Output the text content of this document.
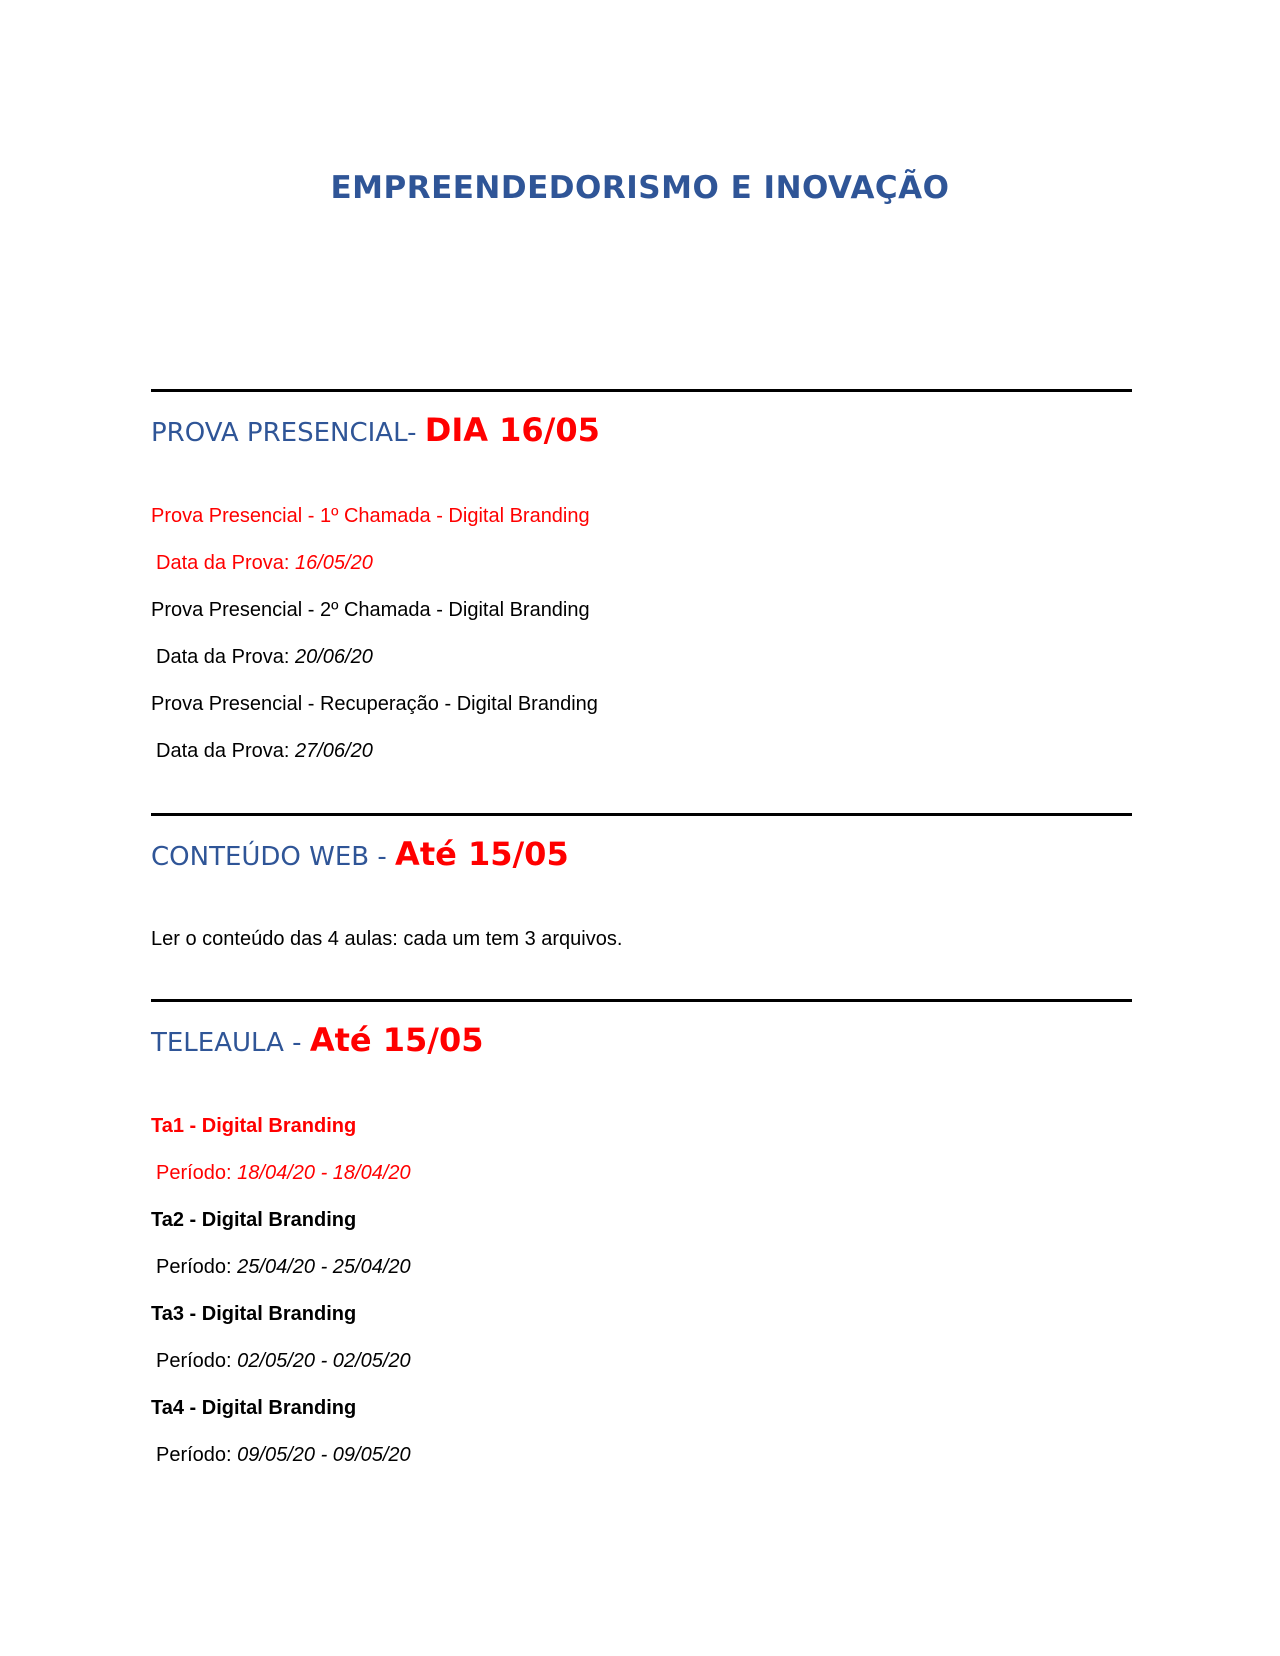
EMPREENDEDORISMO E INOVAÇÃO
PROVA PRESENCIAL- DIA 16/05
Prova Presencial - 1º Chamada - Digital Branding
Data da Prova: 16/05/20
Prova Presencial - 2º Chamada - Digital Branding
Data da Prova: 20/06/20
Prova Presencial - Recuperação - Digital Branding
Data da Prova: 27/06/20
CONTEÚDO WEB - Até 15/05
Ler o conteúdo das 4 aulas: cada um tem 3 arquivos.
TELEAULA - Até 15/05
Ta1 - Digital Branding
Período: 18/04/20 - 18/04/20
Ta2 - Digital Branding
Período: 25/04/20 - 25/04/20
Ta3 - Digital Branding
Período: 02/05/20 - 02/05/20
Ta4 - Digital Branding
Período: 09/05/20 - 09/05/20
